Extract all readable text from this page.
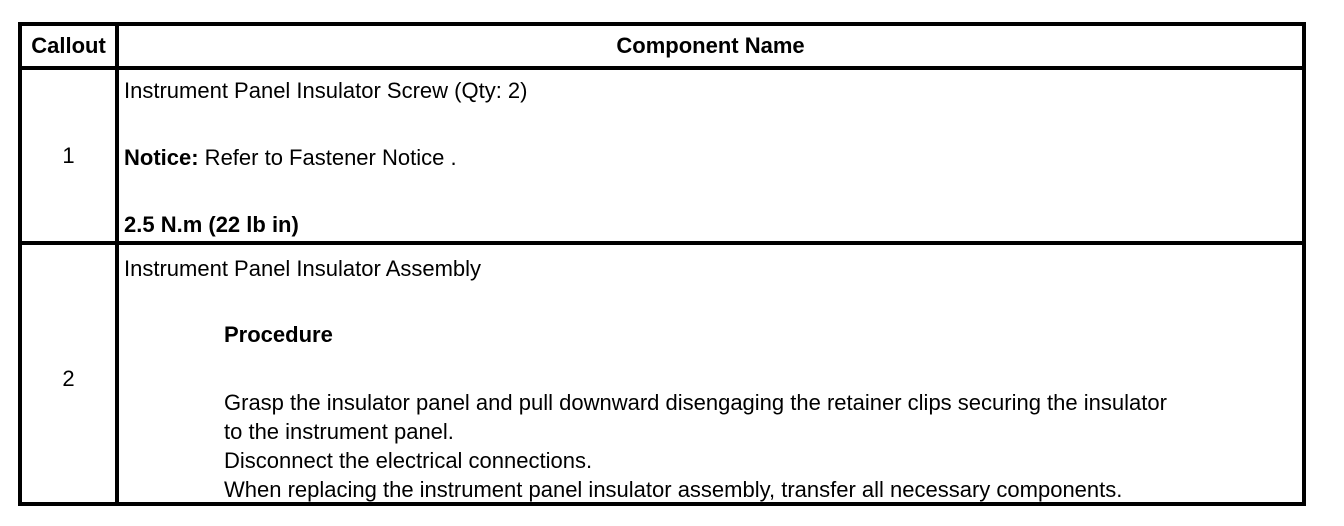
Callout	Component Name
1
Instrument Panel Insulator Screw (Qty: 2)
Notice: Refer to Fastener Notice .
2.5 N.m (22 lb in)
2
Instrument Panel Insulator Assembly
Procedure
Grasp the insulator panel and pull downward disengaging the retainer clips securing the insulator
to the instrument panel.
Disconnect the electrical connections.
When replacing the instrument panel insulator assembly, transfer all necessary components.
